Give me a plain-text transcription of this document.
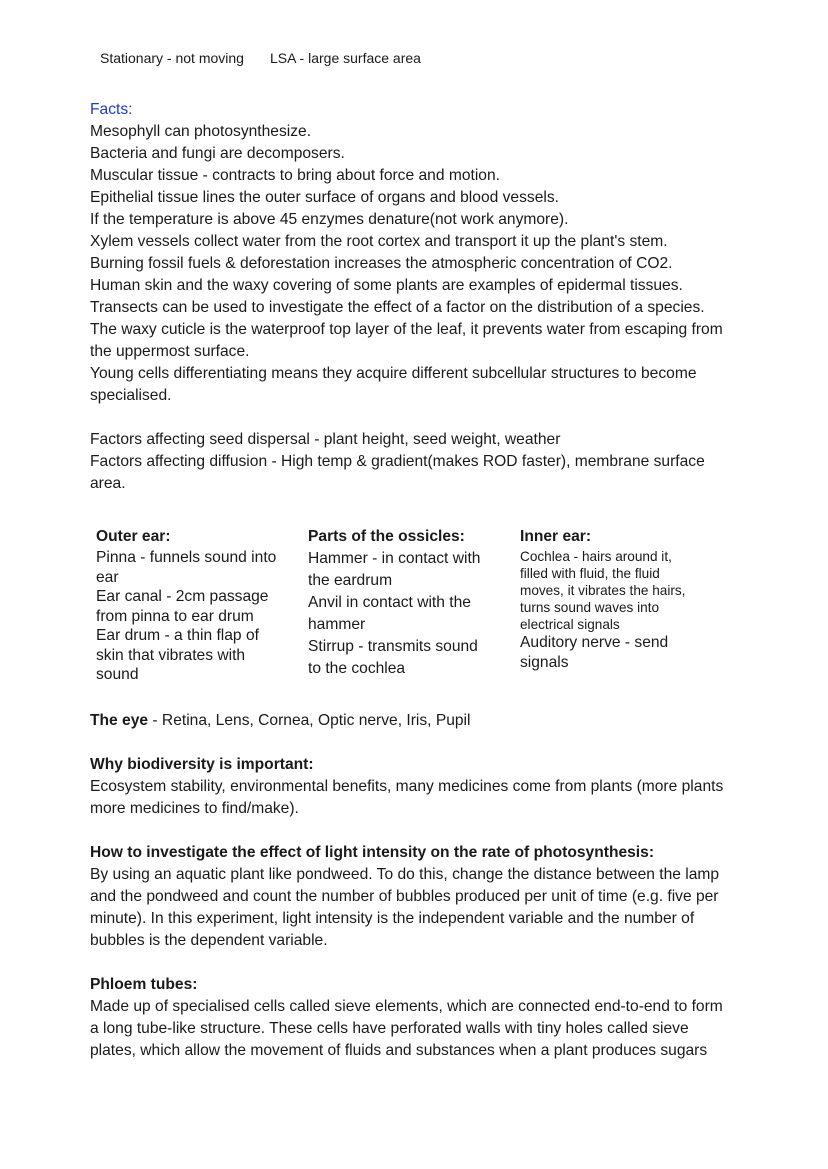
Stationary - not moving LSA - large surface area
Facts:
Mesophyll can photosynthesize.
Bacteria and fungi are decomposers.
Muscular tissue - contracts to bring about force and motion.
Epithelial tissue lines the outer surface of organs and blood vessels.
If the temperature is above 45 enzymes denature(not work anymore).
Xylem vessels collect water from the root cortex and transport it up the plant's stem.
Burning fossil fuels & deforestation increases the atmospheric concentration of CO2.
Human skin and the waxy covering of some plants are examples of epidermal tissues.
Transects can be used to investigate the effect of a factor on the distribution of a species.
The waxy cuticle is the waterproof top layer of the leaf, it prevents water from escaping from
the uppermost surface.
Young cells differentiating means they acquire different subcellular structures to become
specialised.
Factors affecting seed dispersal - plant height, seed weight, weather
Factors affecting diffusion - High temp & gradient(makes ROD faster), membrane surface
area.
Outer ear:
Pinna - funnels sound into
ear
Ear canal - 2cm passage
from pinna to ear drum
Ear drum - a thin flap of
skin that vibrates with
sound
Parts of the ossicles:
Hammer - in contact with
the eardrum
Anvil in contact with the
hammer
Stirrup - transmits sound
to the cochlea
Inner ear:
Cochlea - hairs around it,
filled with fluid, the fluid
moves, it vibrates the hairs,
turns sound waves into
electrical signals
Auditory nerve - send
signals
The eye - Retina, Lens, Cornea, Optic nerve, Iris, Pupil
Why biodiversity is important:
Ecosystem stability, environmental benefits, many medicines come from plants (more plants
more medicines to find/make).
How to investigate the effect of light intensity on the rate of photosynthesis:
By using an aquatic plant like pondweed. To do this, change the distance between the lamp
and the pondweed and count the number of bubbles produced per unit of time (e.g. five per
minute). In this experiment, light intensity is the independent variable and the number of
bubbles is the dependent variable.
Phloem tubes:
Made up of specialised cells called sieve elements, which are connected end-to-end to form
a long tube-like structure. These cells have perforated walls with tiny holes called sieve
plates, which allow the movement of fluids and substances when a plant produces sugars
